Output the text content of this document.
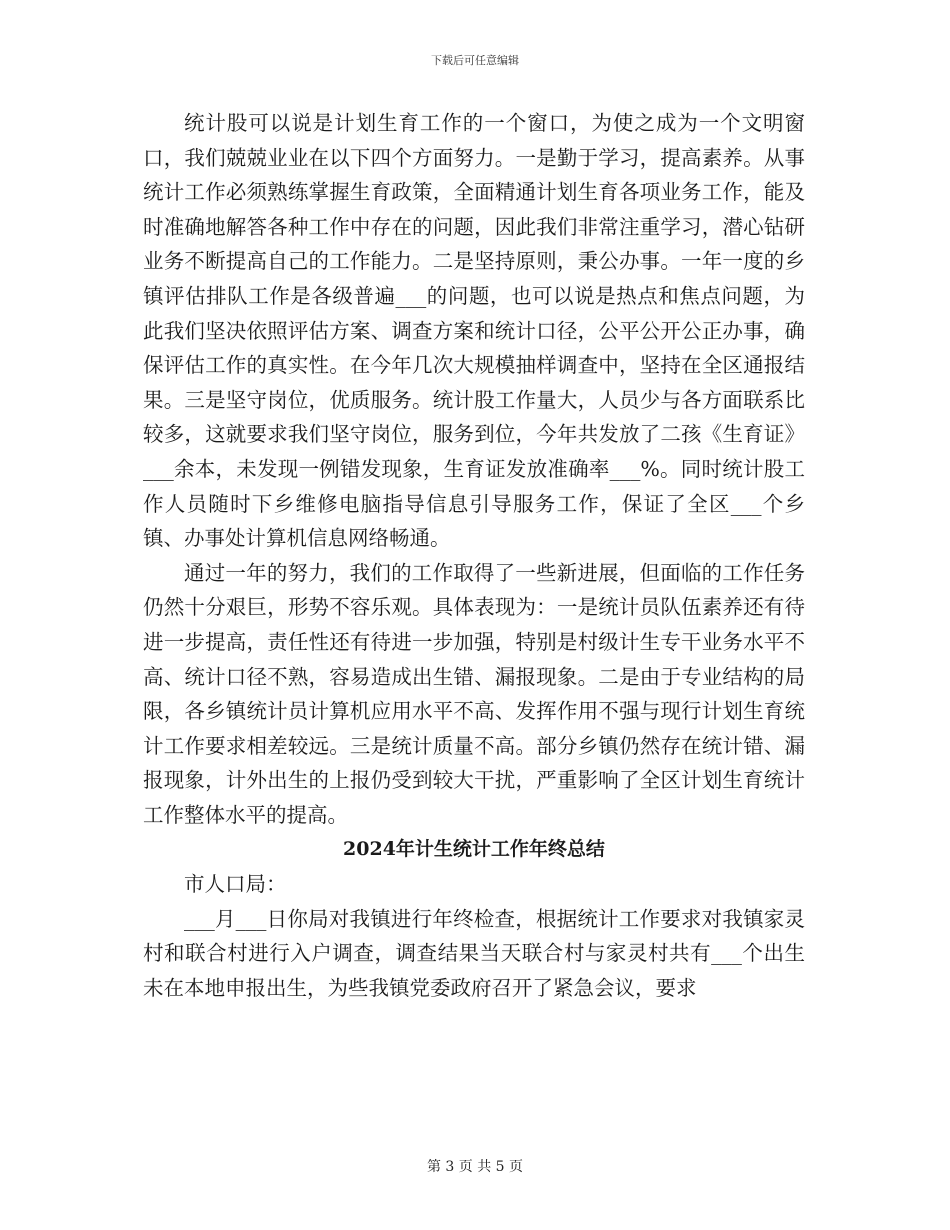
下载后可任意编辑

统计股可以说是计划生育工作的一个窗口，为使之成为一个文明窗口，我们兢兢业业在以下四个方面努力。一是勤于学习，提高素养。从事统计工作必须熟练掌握生育政策，全面精通计划生育各项业务工作，能及时准确地解答各种工作中存在的问题，因此我们非常注重学习，潜心钻研业务不断提高自己的工作能力。二是坚持原则，秉公办事。一年一度的乡镇评估排队工作是各级普遍___的问题，也可以说是热点和焦点问题，为此我们坚决依照评估方案、调查方案和统计口径，公平公开公正办事，确保评估工作的真实性。在今年几次大规模抽样调查中，坚持在全区通报结果。三是坚守岗位，优质服务。统计股工作量大，人员少与各方面联系比较多，这就要求我们坚守岗位，服务到位，今年共发放了二孩《生育证》___余本，未发现一例错发现象，生育证发放准确率___%。同时统计股工作人员随时下乡维修电脑指导信息引导服务工作，保证了全区___个乡镇、办事处计算机信息网络畅通。

通过一年的努力，我们的工作取得了一些新进展，但面临的工作任务仍然十分艰巨，形势不容乐观。具体表现为：一是统计员队伍素养还有待进一步提高，责任性还有待进一步加强，特别是村级计生专干业务水平不高、统计口径不熟，容易造成出生错、漏报现象。二是由于专业结构的局限，各乡镇统计员计算机应用水平不高、发挥作用不强与现行计划生育统计工作要求相差较远。三是统计质量不高。部分乡镇仍然存在统计错、漏报现象，计外出生的上报仍受到较大干扰，严重影响了全区计划生育统计工作整体水平的提高。

2024年计生统计工作年终总结

市人口局：

___月___日你局对我镇进行年终检查，根据统计工作要求对我镇家灵村和联合村进行入户调查，调查结果当天联合村与家灵村共有___个出生未在本地申报出生，为些我镇党委政府召开了紧急会议，要求

第 3 页 共 5 页
